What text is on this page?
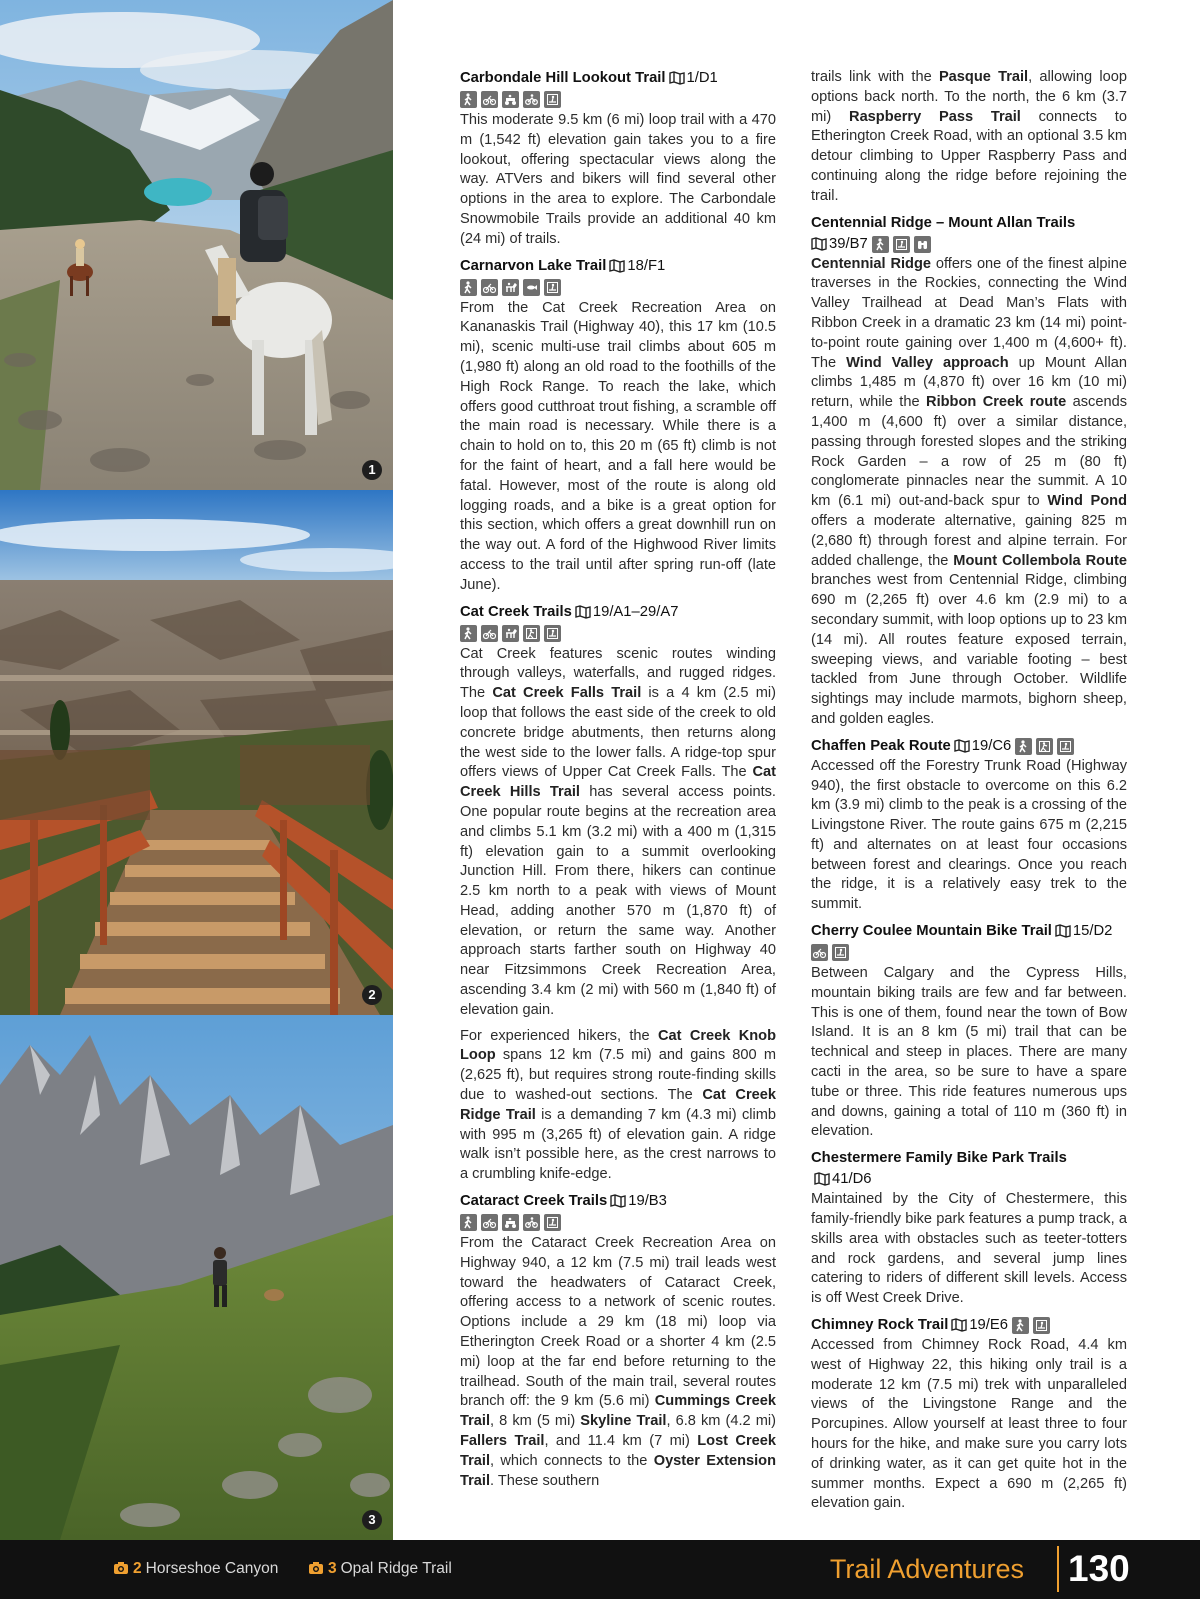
1
2
3

Carbondale Hill Lookout Trail 1/D1

This moderate 9.5 km (6 mi) loop trail with a 470 m (1,542 ft) elevation gain takes you to a fire lookout, offering spectacular views along the way. ATVers and bikers will find several other options in the area to explore. The Carbondale Snowmobile Trails provide an additional 40 km (24 mi) of trails.

Carnarvon Lake Trail 18/F1

From the Cat Creek Recreation Area on Kananaskis Trail (Highway 40), this 17 km (10.5 mi), scenic multi-use trail climbs about 605 m (1,980 ft) along an old road to the foothills of the High Rock Range. To reach the lake, which offers good cutthroat trout fishing, a scramble off the main road is necessary. While there is a chain to hold on to, this 20 m (65 ft) climb is not for the faint of heart, and a fall here would be fatal. However, most of the route is along old logging roads, and a bike is a great option for this section, which offers a great downhill run on the way out. A ford of the Highwood River limits access to the trail until after spring run-off (late June).

Cat Creek Trails 19/A1–29/A7

Cat Creek features scenic routes winding through valleys, waterfalls, and rugged ridges. The Cat Creek Falls Trail is a 4 km (2.5 mi) loop that follows the east side of the creek to old concrete bridge abutments, then returns along the west side to the lower falls. A ridge-top spur offers views of Upper Cat Creek Falls. The Cat Creek Hills Trail has several access points. One popular route begins at the recreation area and climbs 5.1 km (3.2 mi) with a 400 m (1,315 ft) elevation gain to a summit overlooking Junction Hill. From there, hikers can continue 2.5 km north to a peak with views of Mount Head, adding another 570 m (1,870 ft) of elevation, or return the same way. Another approach starts farther south on Highway 40 near Fitzsimmons Creek Recreation Area, ascending 3.4 km (2 mi) with 560 m (1,840 ft) of elevation gain.

For experienced hikers, the Cat Creek Knob Loop spans 12 km (7.5 mi) and gains 800 m (2,625 ft), but requires strong route-finding skills due to washed-out sections. The Cat Creek Ridge Trail is a demanding 7 km (4.3 mi) climb with 995 m (3,265 ft) of elevation gain. A ridge walk isn’t possible here, as the crest narrows to a crumbling knife-edge.

Cataract Creek Trails 19/B3

From the Cataract Creek Recreation Area on Highway 940, a 12 km (7.5 mi) trail leads west toward the headwaters of Cataract Creek, offering access to a network of scenic routes. Options include a 29 km (18 mi) loop via Etherington Creek Road or a shorter 4 km (2.5 mi) loop at the far end before returning to the trailhead. South of the main trail, several routes branch off: the 9 km (5.6 mi) Cummings Creek Trail, 8 km (5 mi) Skyline Trail, 6.8 km (4.2 mi) Fallers Trail, and 11.4 km (7 mi) Lost Creek Trail, which connects to the Oyster Extension Trail. These southern

trails link with the Pasque Trail, allowing loop options back north. To the north, the 6 km (3.7 mi) Raspberry Pass Trail connects to Etherington Creek Road, with an optional 3.5 km detour climbing to Upper Raspberry Pass and continuing along the ridge before rejoining the trail.

Centennial Ridge – Mount Allan Trails

39/B7

Centennial Ridge offers one of the finest alpine traverses in the Rockies, connecting the Wind Valley Trailhead at Dead Man’s Flats with Ribbon Creek in a dramatic 23 km (14 mi) point-to-point route gaining over 1,400 m (4,600+ ft). The Wind Valley approach up Mount Allan climbs 1,485 m (4,870 ft) over 16 km (10 mi) return, while the Ribbon Creek route ascends 1,400 m (4,600 ft) over a similar distance, passing through forested slopes and the striking Rock Garden – a row of 25 m (80 ft) conglomerate pinnacles near the summit. A 10 km (6.1 mi) out-and-back spur to Wind Pond offers a moderate alternative, gaining 825 m (2,680 ft) through forest and alpine terrain. For added challenge, the Mount Collembola Route branches west from Centennial Ridge, climbing 690 m (2,265 ft) over 4.6 km (2.9 mi) to a secondary summit, with loop options up to 23 km (14 mi). All routes feature exposed terrain, sweeping views, and variable footing – best tackled from June through October. Wildlife sightings may include marmots, bighorn sheep, and golden eagles.

Chaffen Peak Route 19/C6

Accessed off the Forestry Trunk Road (Highway 940), the first obstacle to overcome on this 6.2 km (3.9 mi) climb to the peak is a crossing of the Livingstone River. The route gains 675 m (2,215 ft) and alternates on at least four occasions between forest and clearings. Once you reach the ridge, it is a relatively easy trek to the summit.

Cherry Coulee Mountain Bike Trail 15/D2

Between Calgary and the Cypress Hills, mountain biking trails are few and far between. This is one of them, found near the town of Bow Island. It is an 8 km (5 mi) trail that can be technical and steep in places. There are many cacti in the area, so be sure to have a spare tube or three. This ride features numerous ups and downs, gaining a total of 110 m (360 ft) in elevation.

Chestermere Family Bike Park Trails41/D6

Maintained by the City of Chestermere, this family-friendly bike park features a pump track, a skills area with obstacles such as teeter-totters and rock gardens, and several jump lines catering to riders of different skill levels. Access is off West Creek Drive.

Chimney Rock Trail 19/E6

Accessed from Chimney Rock Road, 4.4 km west of Highway 22, this hiking only trail is a moderate 12 km (7.5 mi) trek with unparalleled views of the Livingstone Range and the Porcupines. Allow yourself at least three to four hours for the hike, and make sure you carry lots of drinking water, as it can get quite hot in the summer months. Expect a 690 m (2,265 ft) elevation gain.

2 Horseshoe Canyon	3 Opal Ridge Trail	Trail Adventures 130
